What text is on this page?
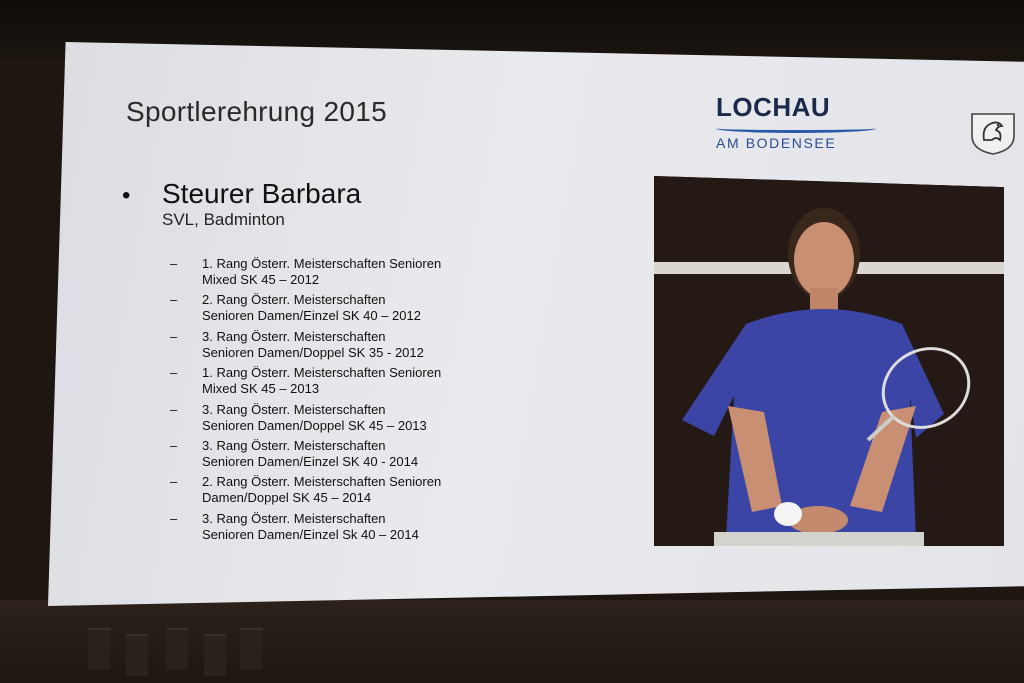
Sportlerehrung 2015	LOCHAU
AM BODENSEE
• Steurer Barbara
SVL, Badminton
– 1. Rang Österr. Meisterschaften Senioren
Mixed SK 45 – 2012
– 2. Rang Österr. Meisterschaften
Senioren Damen/Einzel SK 40 – 2012
– 3. Rang Österr. Meisterschaften
Senioren Damen/Doppel SK 35 - 2012
– 1. Rang Österr. Meisterschaften Senioren
Mixed SK 45 – 2013
– 3. Rang Österr. Meisterschaften
Senioren Damen/Doppel SK 45 – 2013
– 3. Rang Österr. Meisterschaften
Senioren Damen/Einzel SK 40 - 2014
– 2. Rang Österr. Meisterschaften Senioren
Damen/Doppel SK 45 – 2014
– 3. Rang Österr. Meisterschaften
Senioren Damen/Einzel Sk 40 – 2014
